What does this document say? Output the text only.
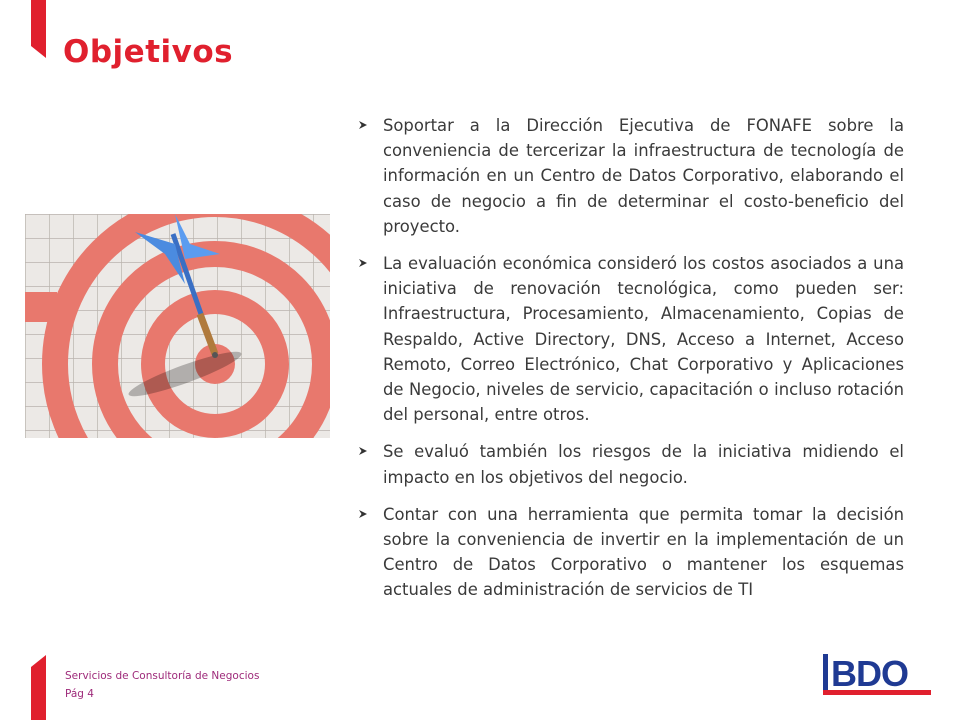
Objetivos
Soportar a la Dirección Ejecutiva de FONAFE sobre la conveniencia de tercerizar la infraestructura de tecnología de información en un Centro de Datos Corporativo, elaborando el caso de negocio a fin de determinar el costo-beneficio del proyecto.
La evaluación económica consideró los costos asociados a una iniciativa de renovación tecnológica, como pueden ser: Infraestructura, Procesamiento, Almacenamiento, Copias de Respaldo, Active Directory, DNS, Acceso a Internet, Acceso Remoto, Correo Electrónico, Chat Corporativo y Aplicaciones de Negocio, niveles de servicio, capacitación o incluso rotación del personal, entre otros.
Se evaluó también los riesgos de la iniciativa midiendo el impacto en los objetivos del negocio.
Contar con una herramienta que permita tomar la decisión sobre la conveniencia de invertir en la implementación de un Centro de Datos Corporativo o mantener los esquemas actuales de administración de servicios de TI
Servicios de Consultoría de Negocios
Pág 4	BDO
